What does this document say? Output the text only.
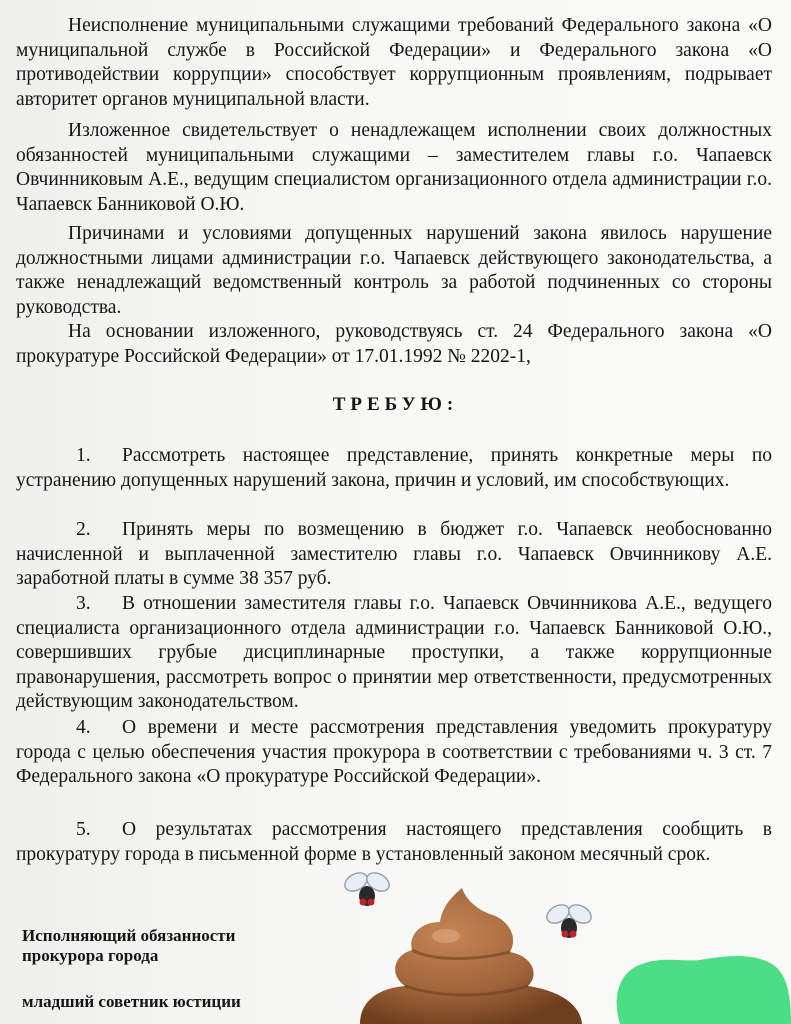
Неисполнение муниципальными служащими требований Федерального закона «О муниципальной службе в Российской Федерации» и Федерального закона «О противодействии коррупции» способствует коррупционным проявлениям, подрывает авторитет органов муниципальной власти.

Изложенное свидетельствует о ненадлежащем исполнении своих должностных обязанностей муниципальными служащими – заместителем главы г.о. Чапаевск Овчинниковым А.Е., ведущим специалистом организационного отдела администрации г.о. Чапаевск Банниковой О.Ю.

Причинами и условиями допущенных нарушений закона явилось нарушение должностными лицами администрации г.о. Чапаевск действующего законодательства, а также ненадлежащий ведомственный контроль за работой подчиненных со стороны руководства.

На основании изложенного, руководствуясь ст. 24 Федерального закона «О прокуратуре Российской Федерации» от 17.01.1992 № 2202-1,

ТРЕБУЮ:

1. Рассмотреть настоящее представление, принять конкретные меры по устранению допущенных нарушений закона, причин и условий, им способствующих.

2. Принять меры по возмещению в бюджет г.о. Чапаевск необоснованно начисленной и выплаченной заместителю главы г.о. Чапаевск Овчинникову А.Е. заработной платы в сумме 38 357 руб.

3. В отношении заместителя главы г.о. Чапаевск Овчинникова А.Е., ведущего специалиста организационного отдела администрации г.о. Чапаевск Банниковой О.Ю., совершивших грубые дисциплинарные проступки, а также коррупционные правонарушения, рассмотреть вопрос о принятии мер ответственности, предусмотренных действующим законодательством.

4. О времени и месте рассмотрения представления уведомить прокуратуру города с целью обеспечения участия прокурора в соответствии с требованиями ч. 3 ст. 7 Федерального закона «О прокуратуре Российской Федерации».

5. О результатах рассмотрения настоящего представления сообщить в прокуратуру города в письменной форме в установленный законом месячный срок.

Исполняющий обязанности
прокурора города
младший советник юстиции
